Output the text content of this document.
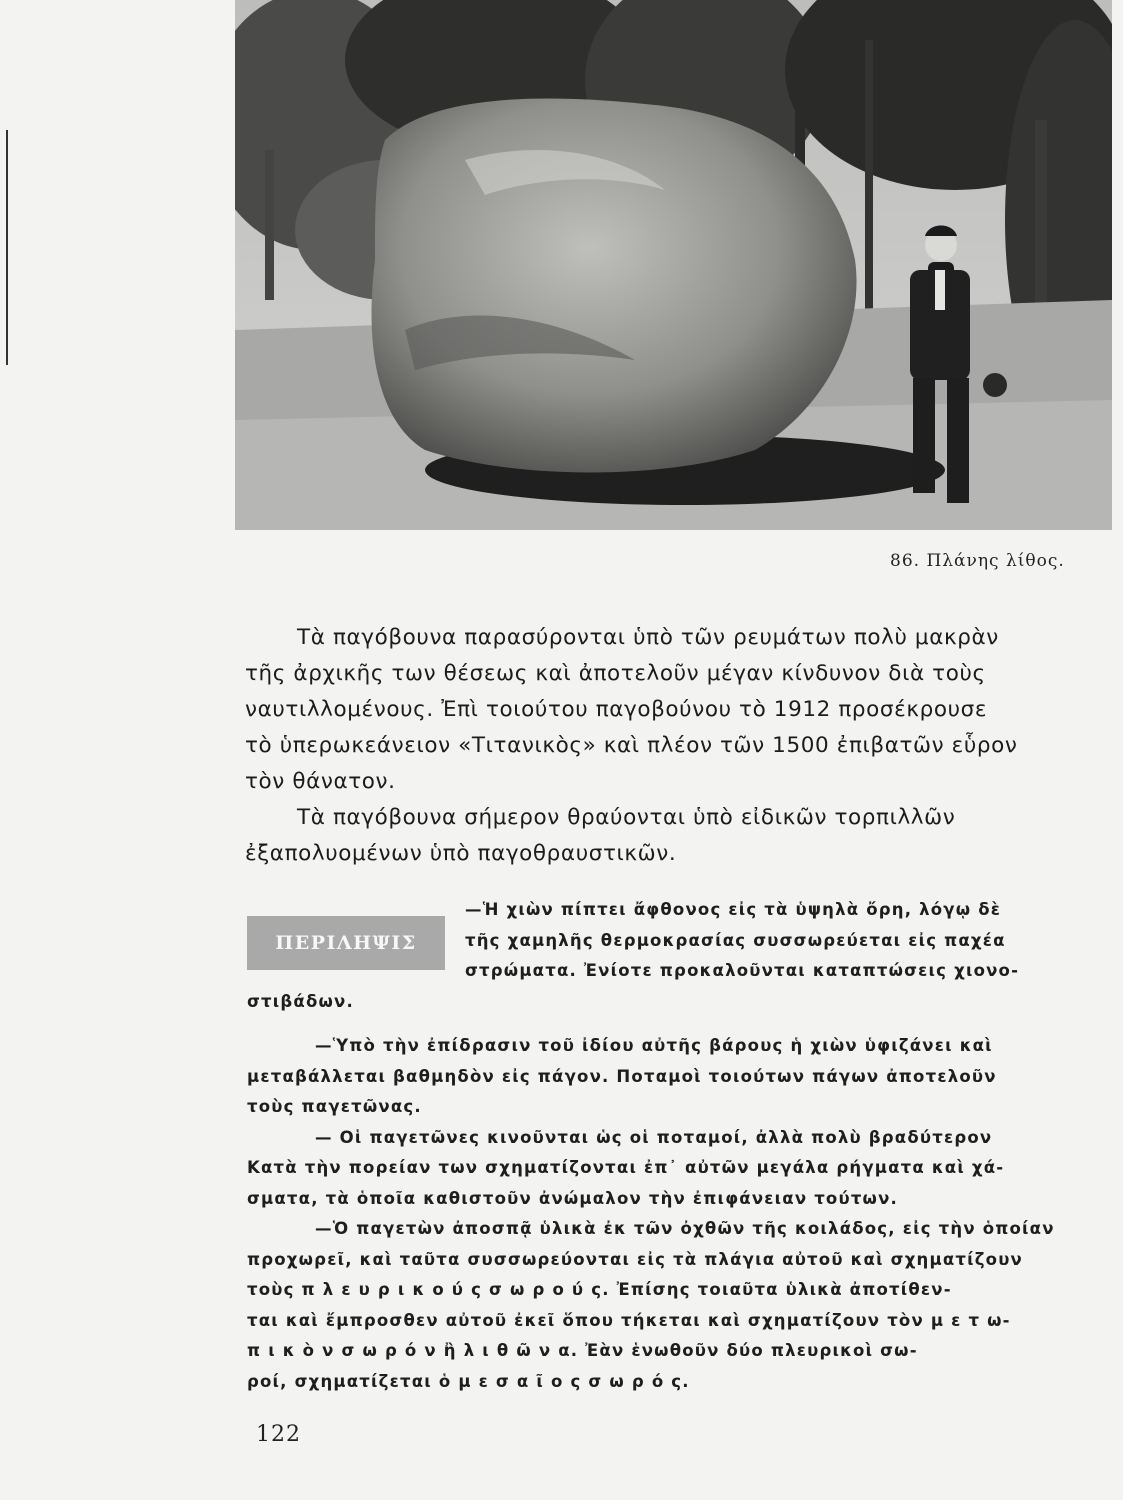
86. Πλάνης λίθος.
Τὰ παγόβουνα παρασύρονται ὑπὸ τῶν ρευμάτων πολὺ μακρὰν
τῆς ἀρχικῆς των θέσεως καὶ ἀποτελοῦν μέγαν κίνδυνον διὰ τοὺς
ναυτιλλομένους. Ἐπὶ τοιούτου παγοβούνου τὸ 1912 προσέκρουσε
τὸ ὑπερωκεάνειον «Τιτανικὸς» καὶ πλέον τῶν 1500 ἐπιβατῶν εὗρον
τὸν θάνατον.
Τὰ παγόβουνα σήμερον θραύονται ὑπὸ εἰδικῶν τορπιλλῶν
ἐξαπολυομένων ὑπὸ παγοθραυστικῶν.
ΠΕΡΙΛΗΨΙΣ
—Ἡ χιὼν πίπτει ἄφθονος εἰς τὰ ὑψηλὰ ὄρη, λόγῳ δὲ
τῆς χαμηλῆς θερμοκρασίας συσσωρεύεται εἰς παχέα
στρώματα. Ἐνίοτε προκαλοῦνται καταπτώσεις χιονο-
στιβάδων.
—Ὑπὸ τὴν ἐπίδρασιν τοῦ ἰδίου αὐτῆς βάρους ἡ χιὼν ὑφιζάνει καὶ
μεταβάλλεται βαθμηδὸν εἰς πάγον. Ποταμοὶ τοιούτων πάγων ἀποτελοῦν
τοὺς παγετῶνας.
— Οἱ παγετῶνες κινοῦνται ὡς οἱ ποταμοί, ἀλλὰ πολὺ βραδύτερον
Κατὰ τὴν πορείαν των σχηματίζονται ἐπ᾿ αὐτῶν μεγάλα ρήγματα καὶ χά-
σματα, τὰ ὁποῖα καθιστοῦν ἀνώμαλον τὴν ἐπιφάνειαν τούτων.
—Ὁ παγετὼν ἀποσπᾷ ὑλικὰ ἐκ τῶν ὀχθῶν τῆς κοιλάδος, εἰς τὴν ὁποίαν
προχωρεῖ, καὶ ταῦτα συσσωρεύονται εἰς τὰ πλάγια αὐτοῦ καὶ σχηματίζουν
τοὺς π λ ε υ ρ ι κ ο ύ ς σ ω ρ ο ύ ς. Ἐπίσης τοιαῦτα ὑλικὰ ἀποτίθεν-
ται καὶ ἔμπροσθεν αὐτοῦ ἐκεῖ ὅπου τήκεται καὶ σχηματίζουν τὸν μ ε τ ω-
π ι κ ὸ ν σ ω ρ ό ν ἢ λ ι θ ῶ ν α. Ἐὰν ἑνωθοῦν δύο πλευρικοὶ σω-
ροί, σχηματίζεται ὁ μ ε σ α ῖ ο ς σ ω ρ ό ς.
122
